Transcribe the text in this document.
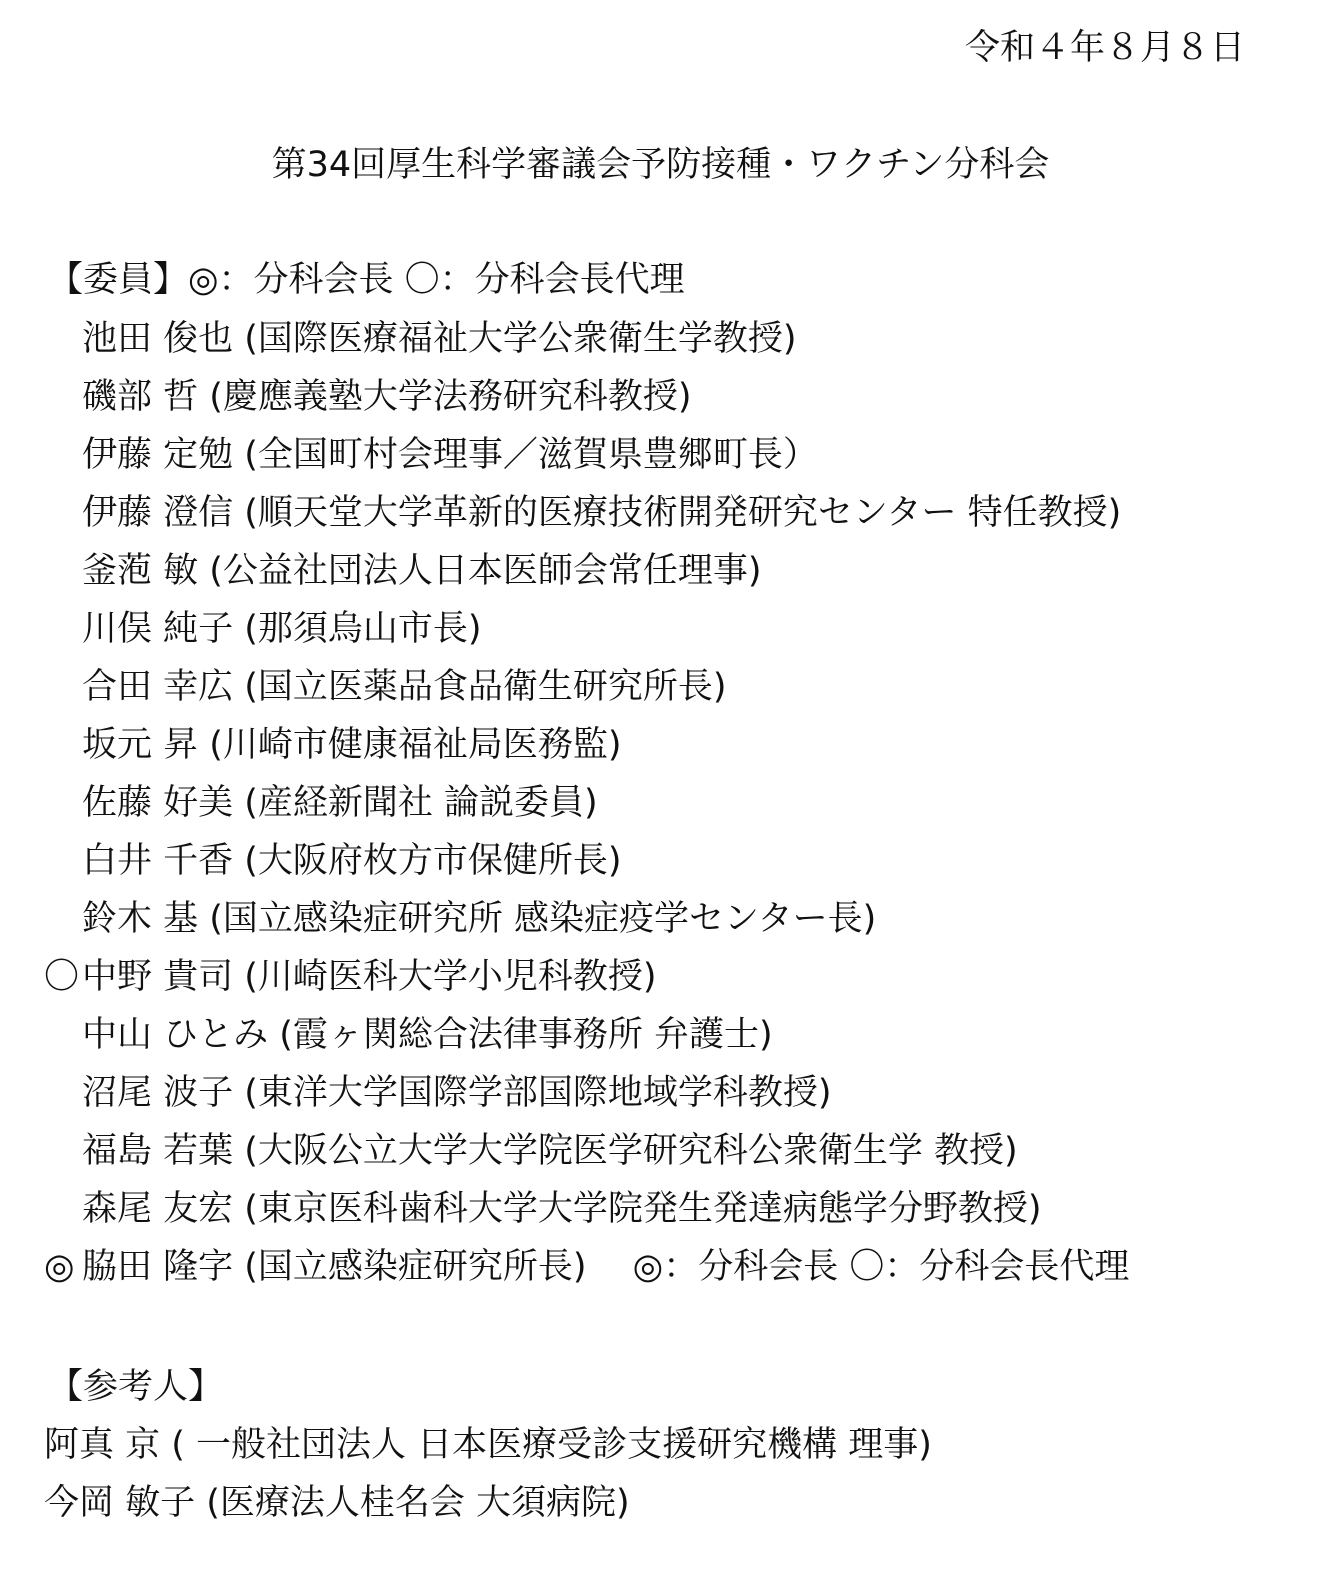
令和４年８月８日
第34回厚生科学審議会予防接種・ワクチン分科会
【委員】◎：分科会長 〇：分科会長代理
池田 俊也 (国際医療福祉大学公衆衛生学教授)
磯部 哲 (慶應義塾大学法務研究科教授)
伊藤 定勉 (全国町村会理事／滋賀県豊郷町長）
伊藤 澄信 (順天堂大学革新的医療技術開発研究センター 特任教授)
釜萢 敏 (公益社団法人日本医師会常任理事)
川俣 純子 (那須烏山市長)
合田 幸広 (国立医薬品食品衛生研究所長)
坂元 昇 (川崎市健康福祉局医務監)
佐藤 好美 (産経新聞社 論説委員)
白井 千香 (大阪府枚方市保健所長)
鈴木 基 (国立感染症研究所 感染症疫学センター長)
〇 中野 貴司 (川崎医科大学小児科教授)
中山 ひとみ (霞ヶ関総合法律事務所 弁護士)
沼尾 波子 (東洋大学国際学部国際地域学科教授)
福島 若葉 (大阪公立大学大学院医学研究科公衆衛生学 教授)
森尾 友宏 (東京医科歯科大学大学院発生発達病態学分野教授)
◎ 脇田 隆字 (国立感染症研究所長)　 ◎：分科会長 〇：分科会長代理
【参考人】
阿真 京 ( 一般社団法人 日本医療受診支援研究機構 理事)
今岡 敏子 (医療法人桂名会 大須病院)
